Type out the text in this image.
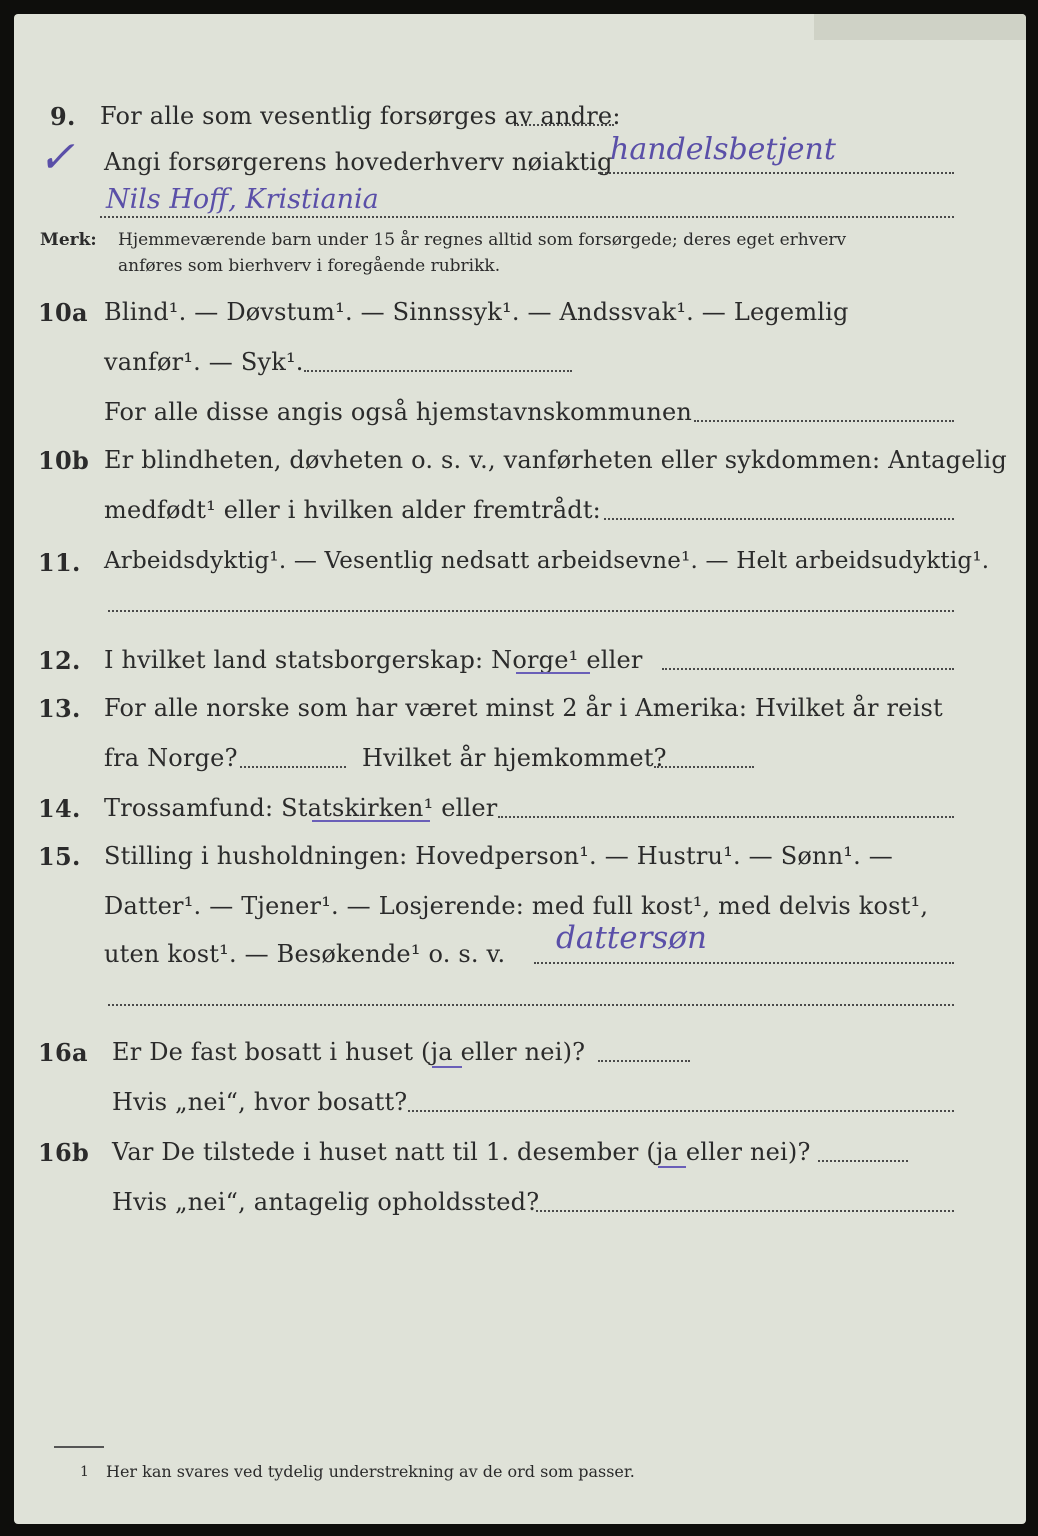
9. For alle som vesentlig forsørges av andre:
✓ Angi forsørgerens hovederhverv nøiaktig
handelsbetjent
Nils Hoff, Kristiania
Merk: Hjemmeværende barn under 15 år regnes alltid som forsørgede; deres eget erhverv
anføres som bierhverv i foregående rubrikk.
10a Blind¹. — Døvstum¹. — Sinnssyk¹. — Andssvak¹. — Legemlig
vanfør¹. — Syk¹.
For alle disse angis også hjemstavnskommunen
10b Er blindheten, døvheten o. s. v., vanførheten eller sykdommen: Antagelig
medfødt¹ eller i hvilken alder fremtrådt:
11. Arbeidsdyktig¹. — Vesentlig nedsatt arbeidsevne¹. — Helt arbeidsudyktig¹.
12. I hvilket land statsborgerskap: Norge¹ eller
13. For alle norske som har været minst 2 år i Amerika: Hvilket år reist
fra Norge?	Hvilket år hjemkommet?
14. Trossamfund: Statskirken¹ eller
15. Stilling i husholdningen: Hovedperson¹. — Hustru¹. — Sønn¹. —
Datter¹. — Tjener¹. — Losjerende: med full kost¹, med delvis kost¹,
uten kost¹. — Besøkende¹ o. s. v. dattersøn
16a Er De fast bosatt i huset (ja eller nei)?
Hvis „nei“, hvor bosatt?
16b Var De tilstede i huset natt til 1. desember (ja eller nei)?
Hvis „nei“, antagelig opholdssted?
1 Her kan svares ved tydelig understrekning av de ord som passer.
